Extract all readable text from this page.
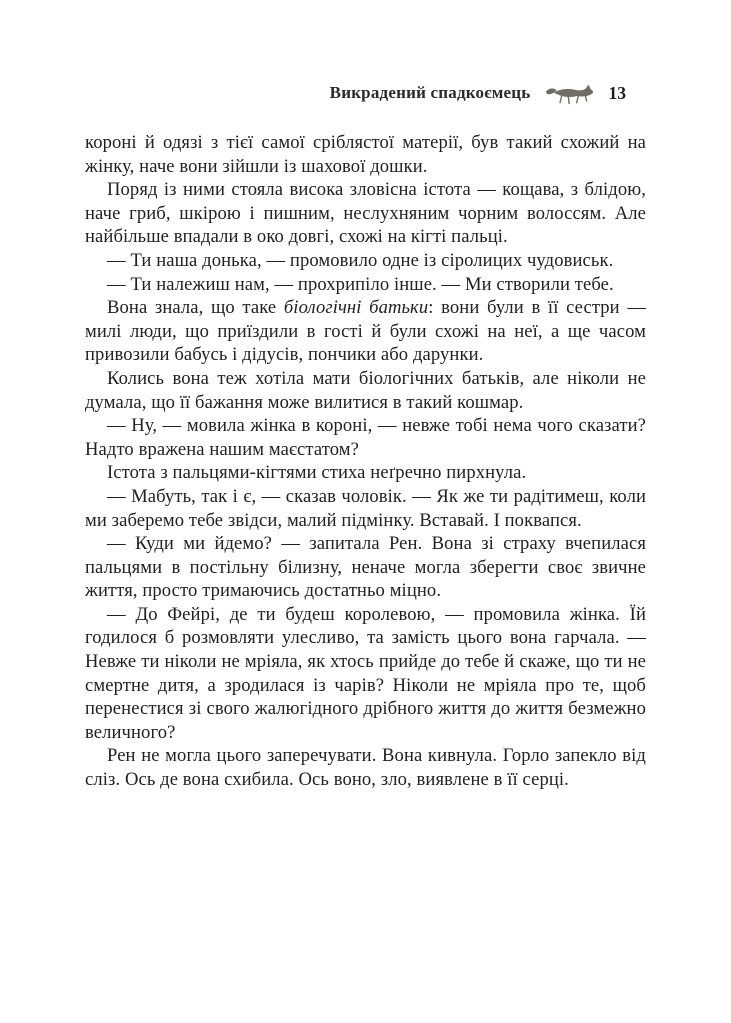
Викрадений спадкоємець	13

короні й одязі з тієї самої сріблястої матерії, був такий схожий на жінку, наче вони зійшли із шахової дошки.

Поряд із ними стояла висока зловісна істота — кощава, з блідою, наче гриб, шкірою і пишним, неслухняним чорним волоссям. Але найбільше впадали в око довгі, схожі на кігті пальці.

— Ти наша донька, — промовило одне із сіролицих чудовиськ.

— Ти належиш нам, — прохрипіло інше. — Ми створили тебе.

Вона знала, що таке біологічні батьки: вони були в її сестри — милі люди, що приїздили в гості й були схожі на неї, а ще часом привозили бабусь і дідусів, пончики або дарунки.

Колись вона теж хотіла мати біологічних батьків, але ніколи не думала, що її бажання може вилитися в такий кошмар.

— Ну, — мовила жінка в короні, — невже тобі нема чого сказати? Надто вражена нашим маєстатом?

Істота з пальцями-кігтями стиха неґречно пирхнула.

— Мабуть, так і є, — сказав чоловік. — Як же ти радітимеш, коли ми заберемо тебе звідси, малий підмінку. Вставай. І поквапся.

— Куди ми йдемо? — запитала Рен. Вона зі страху вчепилася пальцями в постільну білизну, неначе могла зберегти своє звичне життя, просто тримаючись достатньо міцно.

— До Фейрі, де ти будеш королевою, — промовила жінка. Їй годилося б розмовляти улесливо, та замість цього вона гарчала. — Невже ти ніколи не мріяла, як хтось прийде до тебе й скаже, що ти не смертне дитя, а зродилася із чарів? Ніколи не мріяла про те, щоб перенестися зі свого жалюгідного дрібного життя до життя безмежно величного?

Рен не могла цього заперечувати. Вона кивнула. Горло запекло від сліз. Ось де вона схибила. Ось воно, зло, виявлене в її серці.
